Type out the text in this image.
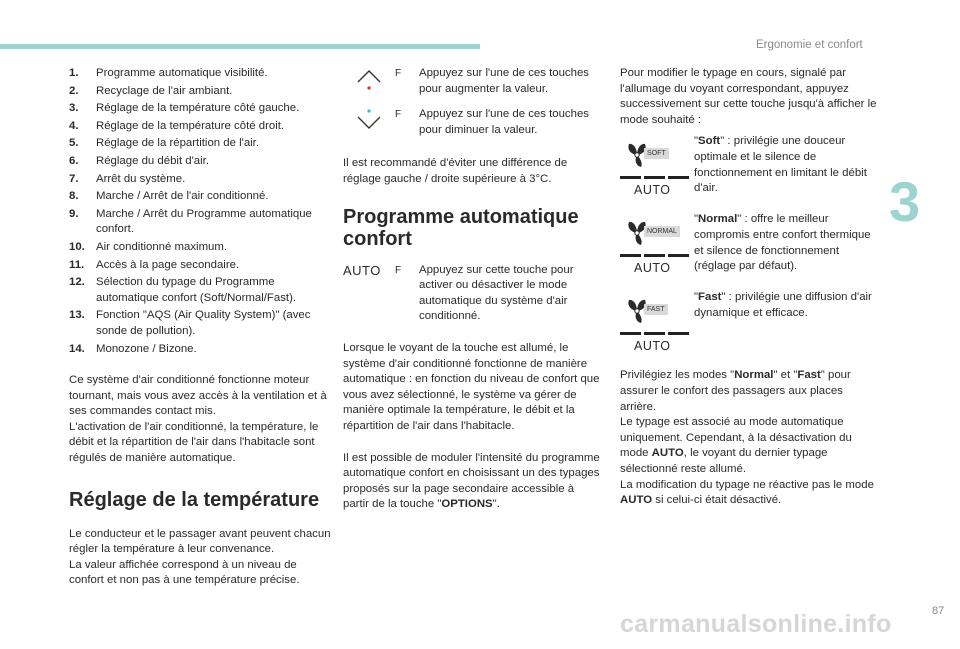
Ergonomie et confort
3
1.	Programme automatique visibilité.
2.	Recyclage de l'air ambiant.
3.	Réglage de la température côté gauche.
4.	Réglage de la température côté droit.
5.	Réglage de la répartition de l'air.
6.	Réglage du débit d'air.
7.	Arrêt du système.
8.	Marche / Arrêt de l'air conditionné.
9.	Marche / Arrêt du Programme automatique confort.
10. Air conditionné maximum.
11.	Accès à la page secondaire.
12. Sélection du typage du Programme automatique confort (Soft/Normal/Fast).
13. Fonction "AQS (Air Quality System)" (avec sonde de pollution).
14. Monozone / Bizone.

Ce système d'air conditionné fonctionne moteur tournant, mais vous avez accès à la ventilation et à ses commandes contact mis.

L'activation de l'air conditionné, la température, le débit et la répartition de l'air dans l'habitacle sont régulés de manière automatique.

Réglage de la température

Le conducteur et le passager avant peuvent chacun régler la température à leur convenance.

La valeur affichée correspond à un niveau de confort et non pas à une température précise.

F	Appuyez sur l'une de ces touches pour augmenter la valeur.

F	Appuyez sur l'une de ces touches pour diminuer la valeur.

Il est recommandé d'éviter une différence de réglage gauche / droite supérieure à 3°C.

Programme automatique confort
AUTO F	Appuyez sur cette touche pour activer ou désactiver le mode automatique du système d'air conditionné.

Lorsque le voyant de la touche est allumé, le système d'air conditionné fonctionne de manière automatique : en fonction du niveau de confort que vous avez sélectionné, le système va gérer de manière optimale la température, le débit et la répartition de l'air dans l'habitacle.

Il est possible de moduler l'intensité du programme automatique confort en choisissant un des typages proposés sur la page secondaire accessible à partir de la touche "OPTIONS".

Pour modifier le typage en cours, signalé par l'allumage du voyant correspondant, appuyez successivement sur cette touche jusqu'à afficher le mode souhaité :

SOFT
AUTO

"Soft" : privilégie une douceur optimale et le silence de fonctionnement en limitant le débit d'air.

NORMAL
AUTO

"Normal" : offre le meilleur compromis entre confort thermique et silence de fonctionnement (réglage par défaut).

FAST
AUTO

"Fast" : privilégie une diffusion d'air dynamique et efficace.

Privilégiez les modes "Normal" et "Fast" pour assurer le confort des passagers aux places arrière.

Le typage est associé au mode automatique uniquement. Cependant, à la désactivation du mode AUTO, le voyant du dernier typage sélectionné reste allumé.

La modification du typage ne réactive pas le mode AUTO si celui-ci était désactivé.

87
carmanualsonline.info
